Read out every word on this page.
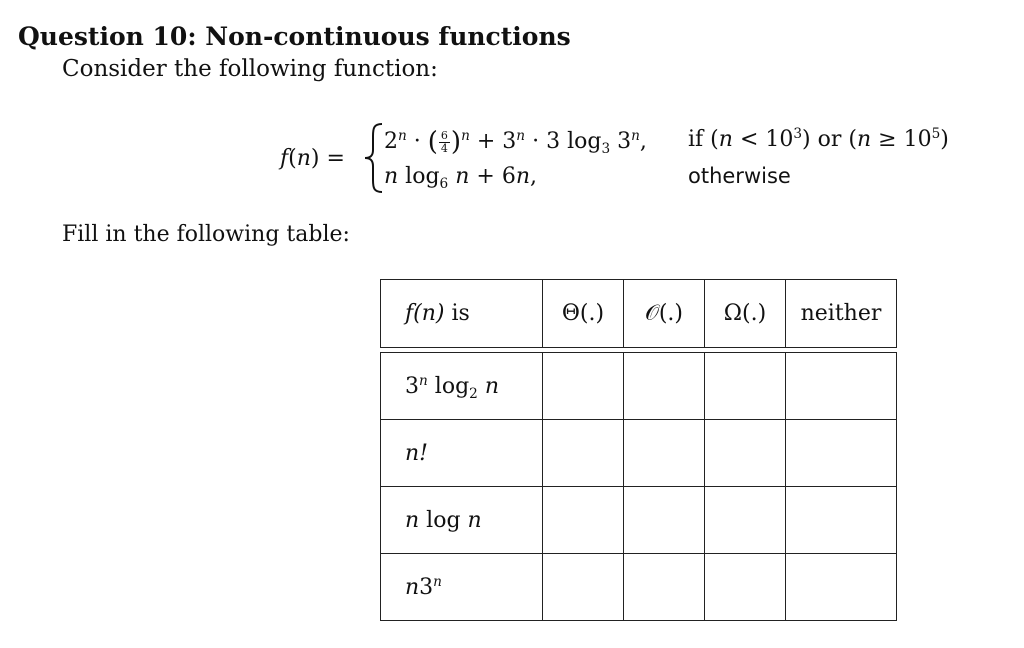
Question 10: Non-continuous functions
Consider the following function:
f(n) =
$2^n$ · ( $\frac{6}{4} )^n + 3^n \cdot 3$ $\log_3 3^n$, if $(n < 10^3)$ or $(n \ge 10^5)$
n $\log_6 n + 6n$,	otherwise
Fill in the following table:
f(n) is	Θ(.)	𝒪(.)	Ω(.)	neither

3$^n$ $\log_2 n$				
n!				
n log n				
n3$^n$				
